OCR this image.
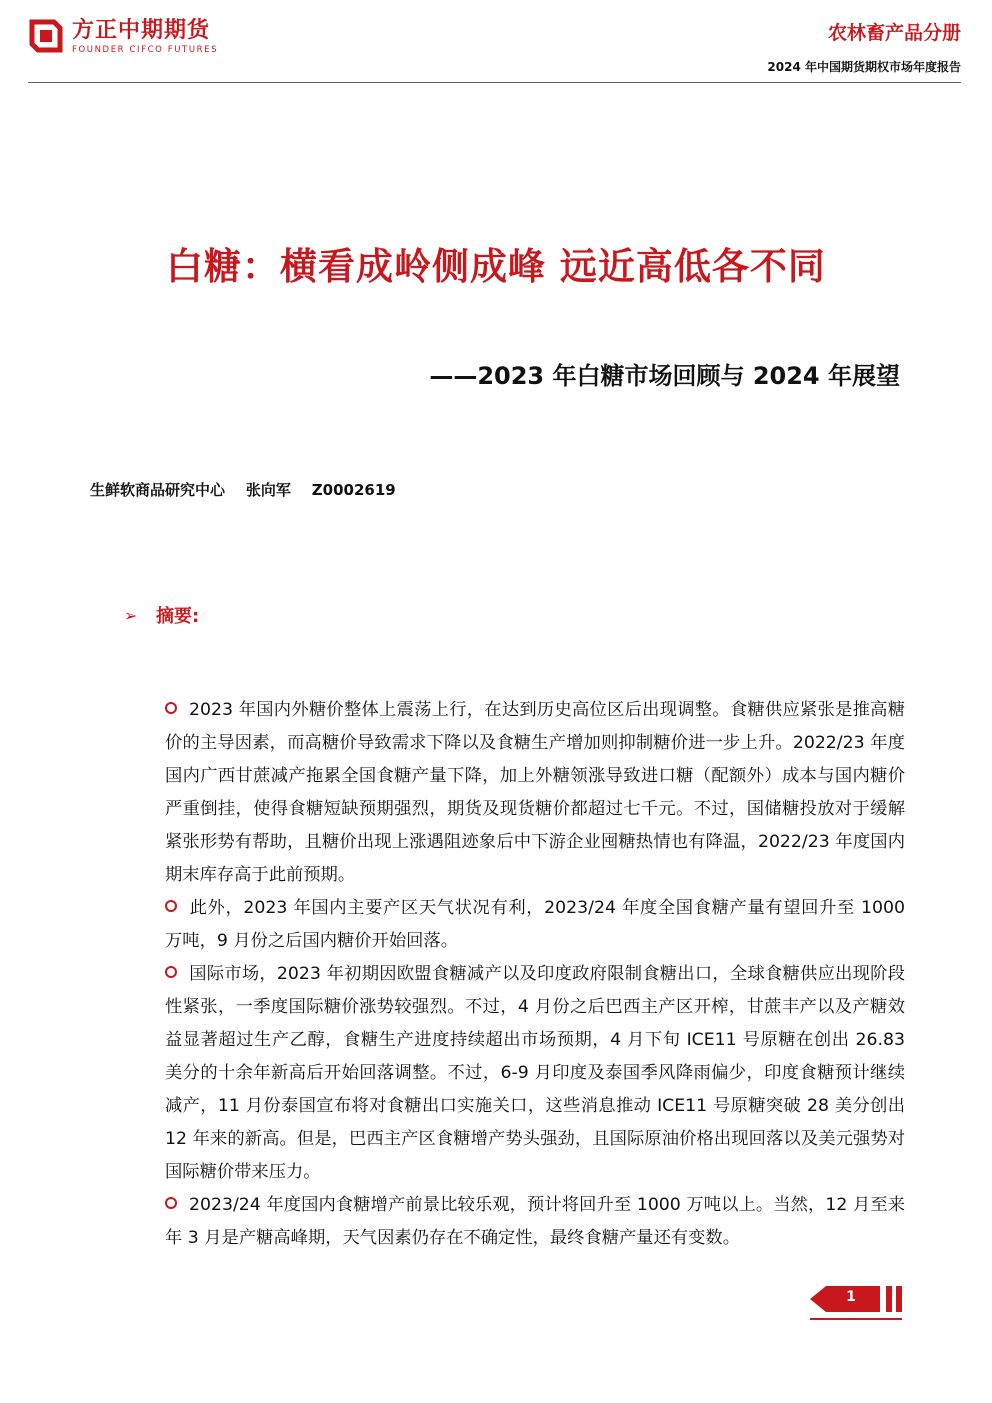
方正中期期货
FOUNDER CIFCO FUTURES
农林畜产品分册
2024 年中国期货期权市场年度报告
白糖：横看成岭侧成峰 远近高低各不同
——2023 年白糖市场回顾与 2024 年展望
生鲜软商品研究中心    张向军    Z0002619
➢	摘要:

2023 年国内外糖价整体上震荡上行，在达到历史高位区后出现调整。食糖供应紧张是推高糖价的主导因素，而高糖价导致需求下降以及食糖生产增加则抑制糖价进一步上升。2022/23 年度国内广西甘蔗减产拖累全国食糖产量下降，加上外糖领涨导致进口糖（配额外）成本与国内糖价严重倒挂，使得食糖短缺预期强烈，期货及现货糖价都超过七千元。不过，国储糖投放对于缓解紧张形势有帮助，且糖价出现上涨遇阻迹象后中下游企业囤糖热情也有降温，2022/23 年度国内期末库存高于此前预期。

此外，2023 年国内主要产区天气状况有利，2023/24 年度全国食糖产量有望回升至 1000 万吨，9 月份之后国内糖价开始回落。

国际市场，2023 年初期因欧盟食糖减产以及印度政府限制食糖出口，全球食糖供应出现阶段性紧张，一季度国际糖价涨势较强烈。不过，4 月份之后巴西主产区开榨，甘蔗丰产以及产糖效益显著超过生产乙醇，食糖生产进度持续超出市场预期，4 月下旬 ICE11 号原糖在创出 26.83 美分的十余年新高后开始回落调整。不过，6-9 月印度及泰国季风降雨偏少，印度食糖预计继续减产，11 月份泰国宣布将对食糖出口实施关口，这些消息推动 ICE11 号原糖突破 28 美分创出 12 年来的新高。但是，巴西主产区食糖增产势头强劲，且国际原油价格出现回落以及美元强势对国际糖价带来压力。

2023/24 年度国内食糖增产前景比较乐观，预计将回升至 1000 万吨以上。当然，12 月至来年 3 月是产糖高峰期，天气因素仍存在不确定性，最终食糖产量还有变数。

1
